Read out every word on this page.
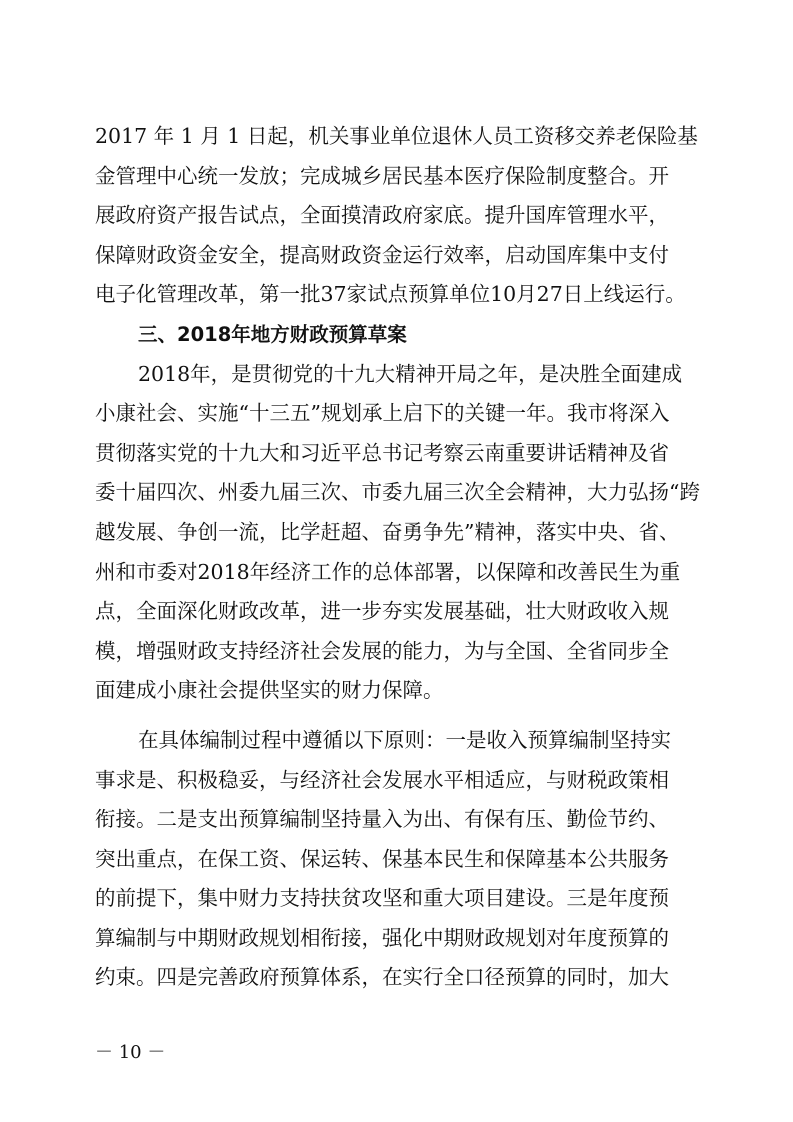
2017 年 1 月 1 日起，机关事业单位退休人员工资移交养老保险基
金管理中心统一发放；完成城乡居民基本医疗保险制度整合。开
展政府资产报告试点，全面摸清政府家底。提升国库管理水平，
保障财政资金安全，提高财政资金运行效率，启动国库集中支付
电子化管理改革，第一批37家试点预算单位10月27日上线运行。
三、2018年地方财政预算草案
2018年，是贯彻党的十九大精神开局之年，是决胜全面建成
小康社会、实施“十三五”规划承上启下的关键一年。我市将深入
贯彻落实党的十九大和习近平总书记考察云南重要讲话精神及省
委十届四次、州委九届三次、市委九届三次全会精神，大力弘扬“跨
越发展、争创一流，比学赶超、奋勇争先”精神，落实中央、省、
州和市委对2018年经济工作的总体部署，以保障和改善民生为重
点，全面深化财政改革，进一步夯实发展基础，壮大财政收入规
模，增强财政支持经济社会发展的能力，为与全国、全省同步全
面建成小康社会提供坚实的财力保障。
在具体编制过程中遵循以下原则：一是收入预算编制坚持实
事求是、积极稳妥，与经济社会发展水平相适应，与财税政策相
衔接。二是支出预算编制坚持量入为出、有保有压、勤俭节约、
突出重点，在保工资、保运转、保基本民生和保障基本公共服务
的前提下，集中财力支持扶贫攻坚和重大项目建设。三是年度预
算编制与中期财政规划相衔接，强化中期财政规划对年度预算的
约束。四是完善政府预算体系，在实行全口径预算的同时，加大
－ 10 －
